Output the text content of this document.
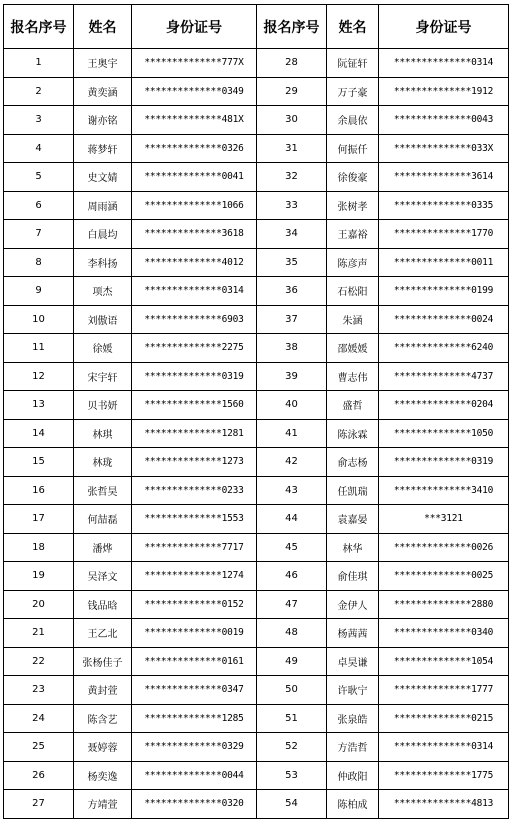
报名序号	姓名	身份证号	报名序号	姓名	身份证号
1	王奥宇	**************777X	28	阮钲轩	**************0314
2	黄奕涵	**************0349	29	万子豪	**************1912
3	谢亦铭	**************481X	30	余晨依	**************0043
4	蒋梦轩	**************0326	31	何振仟	**************033X
5	史文婧	**************0041	32	徐俊豪	**************3614
6	周雨涵	**************1066	33	张树孝	**************0335
7	白晨均	**************3618	34	王嘉裕	**************1770
8	李科扬	**************4012	35	陈彦声	**************0011
9	项杰	**************0314	36	石松阳	**************0199
10	刘傲语	**************6903	37	朱涵	**************0024
11	徐媛	**************2275	38	邵媛媛	**************6240
12	宋宇轩	**************0319	39	曹志伟	**************4737
13	贝书妍	**************1560	40	盛哲	**************0204
14	林琪	**************1281	41	陈泳霖	**************1050
15	林珑	**************1273	42	俞志杨	**************0319
16	张哲昊	**************0233	43	任凯瑞	**************3410
17	何喆磊	**************1553	44	袁嘉晏	***3121
18	潘烨	**************7717	45	林华	**************0026
19	吴泽文	**************1274	46	俞佳琪	**************0025
20	钱品晗	**************0152	47	金伊人	**************2880
21	王乙北	**************0019	48	杨茜茜	**************0340
22	张杨佳子	**************0161	49	卓昊谦	**************1054
23	黄封萱	**************0347	50	许耿宁	**************1777
24	陈含艺	**************1285	51	张泉皓	**************0215
25	聂婷蓉	**************0329	52	方浩哲	**************0314
26	杨奕逸	**************0044	53	仲政阳	**************1775
27	方靖萱	**************0320	54	陈柏成	**************4813
